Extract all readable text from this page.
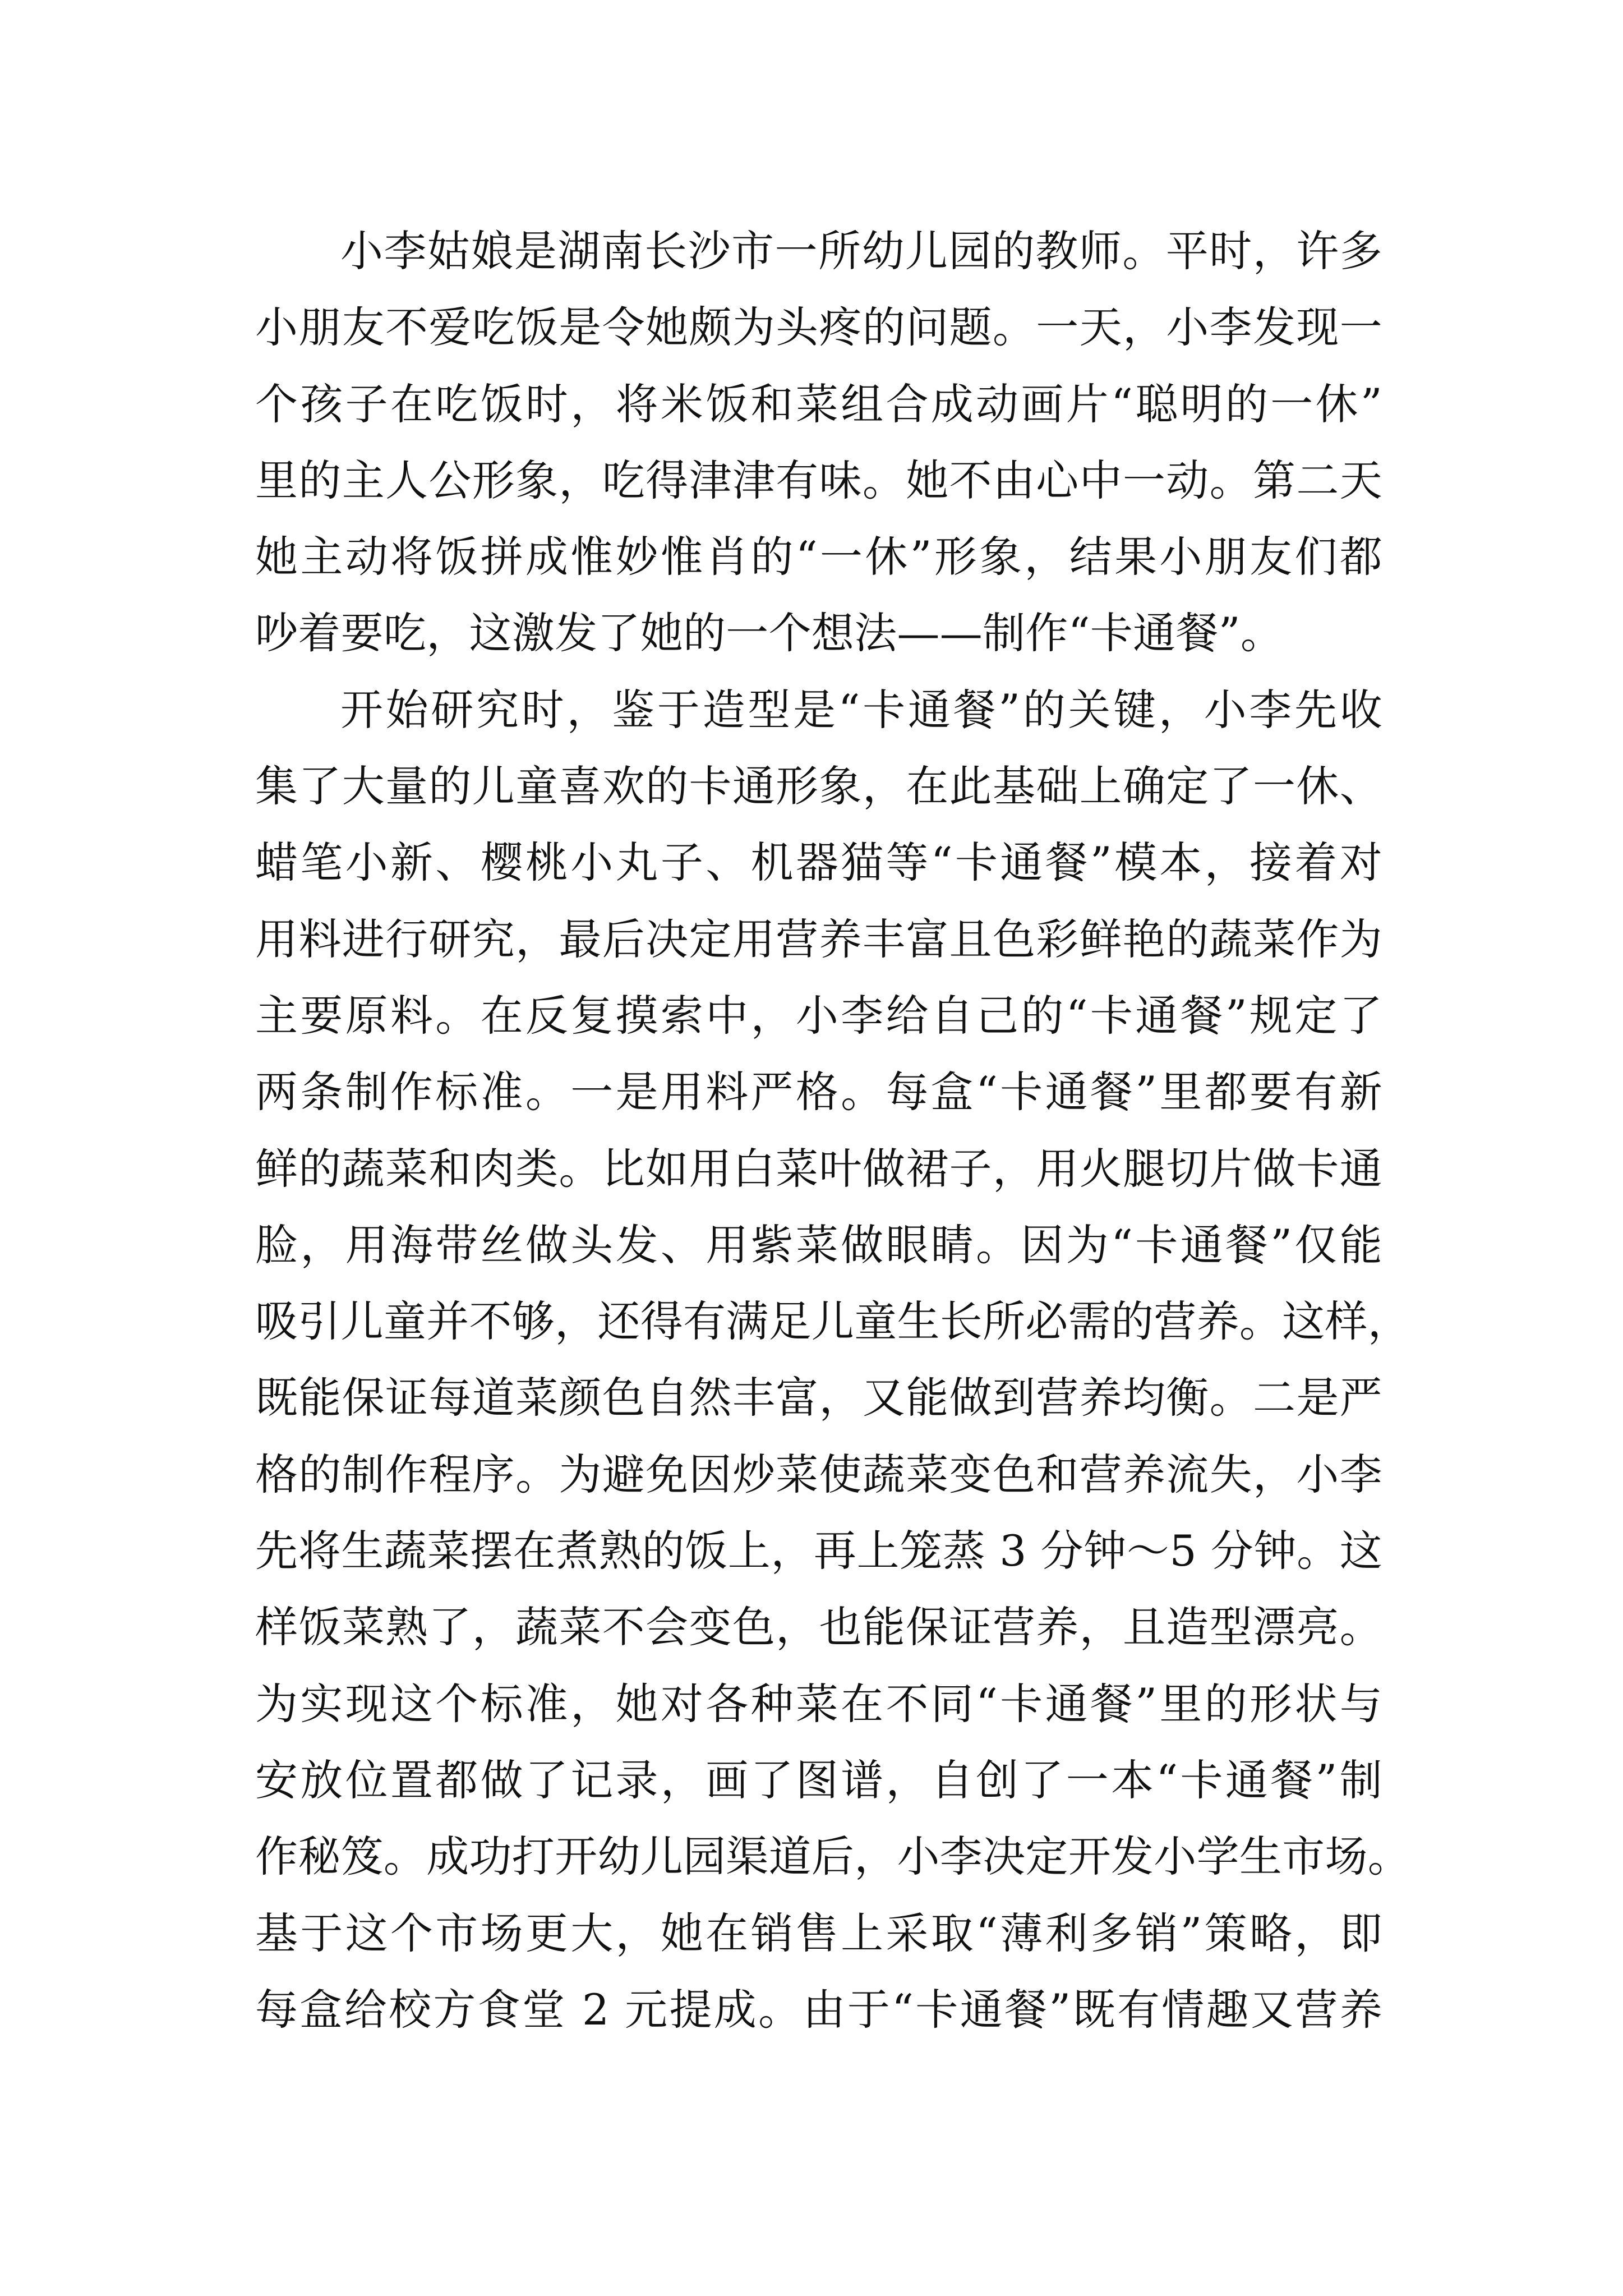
小李姑娘是湖南长沙市一所幼儿园的教师。平时，许多
小朋友不爱吃饭是令她颇为头疼的问题。一天，小李发现一
个孩子在吃饭时，将米饭和菜组合成动画片“聪明的一休”
里的主人公形象，吃得津津有味。她不由心中一动。第二天
她主动将饭拼成惟妙惟肖的“一休”形象，结果小朋友们都
吵着要吃，这激发了她的一个想法——制作“卡通餐”。
开始研究时，鉴于造型是“卡通餐”的关键，小李先收
集了大量的儿童喜欢的卡通形象，在此基础上确定了一休、
蜡笔小新、樱桃小丸子、机器猫等“卡通餐”模本，接着对
用料进行研究，最后决定用营养丰富且色彩鲜艳的蔬菜作为
主要原料。在反复摸索中，小李给自己的“卡通餐”规定了
两条制作标准。一是用料严格。每盒“卡通餐”里都要有新
鲜的蔬菜和肉类。比如用白菜叶做裙子，用火腿切片做卡通
脸，用海带丝做头发、用紫菜做眼睛。因为“卡通餐”仅能
吸引儿童并不够，还得有满足儿童生长所必需的营养。这样，
既能保证每道菜颜色自然丰富，又能做到营养均衡。二是严
格的制作程序。为避免因炒菜使蔬菜变色和营养流失，小李
先将生蔬菜摆在煮熟的饭上，再上笼蒸 3 分钟～5 分钟。这
样饭菜熟了，蔬菜不会变色，也能保证营养，且造型漂亮。
为实现这个标准，她对各种菜在不同“卡通餐”里的形状与
安放位置都做了记录，画了图谱，自创了一本“卡通餐”制
作秘笈。成功打开幼儿园渠道后，小李决定开发小学生市场。
基于这个市场更大，她在销售上采取“薄利多销”策略，即
每盒给校方食堂 2 元提成。由于“卡通餐”既有情趣又营养
